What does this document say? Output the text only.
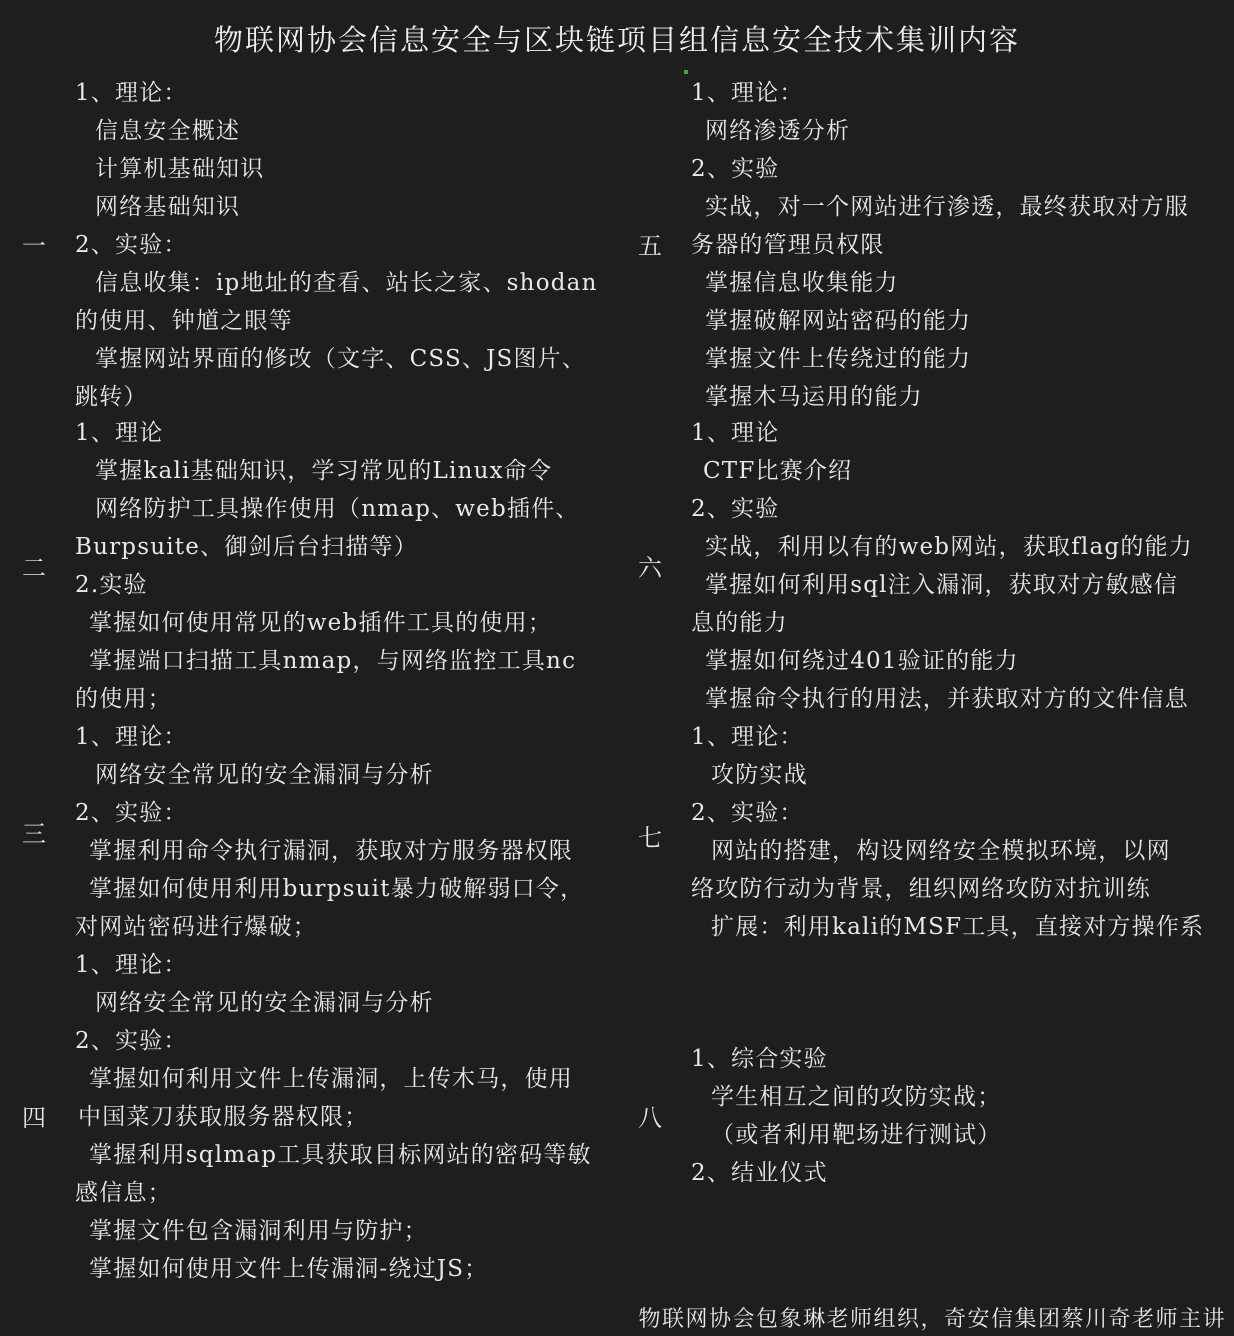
物联网协会信息安全与区块链项目组信息安全技术集训内容
一
1、理论：
信息安全概述
计算机基础知识
网络基础知识
2、实验：
信息收集：ip地址的查看、站长之家、shodan
的使用、钟馗之眼等
掌握网站界面的修改（文字、CSS、JS图片、
跳转）
二
1、理论
掌握kali基础知识，学习常见的Linux命令
网络防护工具操作使用（nmap、web插件、
Burpsuite、御剑后台扫描等）
2.实验
掌握如何使用常见的web插件工具的使用；
掌握端口扫描工具nmap，与网络监控工具nc
的使用；
三
1、理论：
网络安全常见的安全漏洞与分析
2、实验：
掌握利用命令执行漏洞，获取对方服务器权限
掌握如何使用利用burpsuit暴力破解弱口令，
对网站密码进行爆破；
四
1、理论：
网络安全常见的安全漏洞与分析
2、实验：
掌握如何利用文件上传漏洞，上传木马，使用
中国菜刀获取服务器权限；
掌握利用sqlmap工具获取目标网站的密码等敏
感信息；
掌握文件包含漏洞利用与防护；
掌握如何使用文件上传漏洞-绕过JS；
五
1、理论：
网络渗透分析
2、实验
实战，对一个网站进行渗透，最终获取对方服
务器的管理员权限
掌握信息收集能力
掌握破解网站密码的能力
掌握文件上传绕过的能力
掌握木马运用的能力
六
1、理论
CTF比赛介绍
2、实验
实战，利用以有的web网站，获取flag的能力
掌握如何利用sql注入漏洞，获取对方敏感信
息的能力
掌握如何绕过401验证的能力
掌握命令执行的用法，并获取对方的文件信息
七
1、理论：
攻防实战
2、实验：
网站的搭建，构设网络安全模拟环境，以网
络攻防行动为背景，组织网络攻防对抗训练
扩展：利用kali的MSF工具，直接对方操作系
八
1、综合实验
学生相互之间的攻防实战；
（或者利用靶场进行测试）
2、结业仪式
物联网协会包象琳老师组织，奇安信集团蔡川奇老师主讲
